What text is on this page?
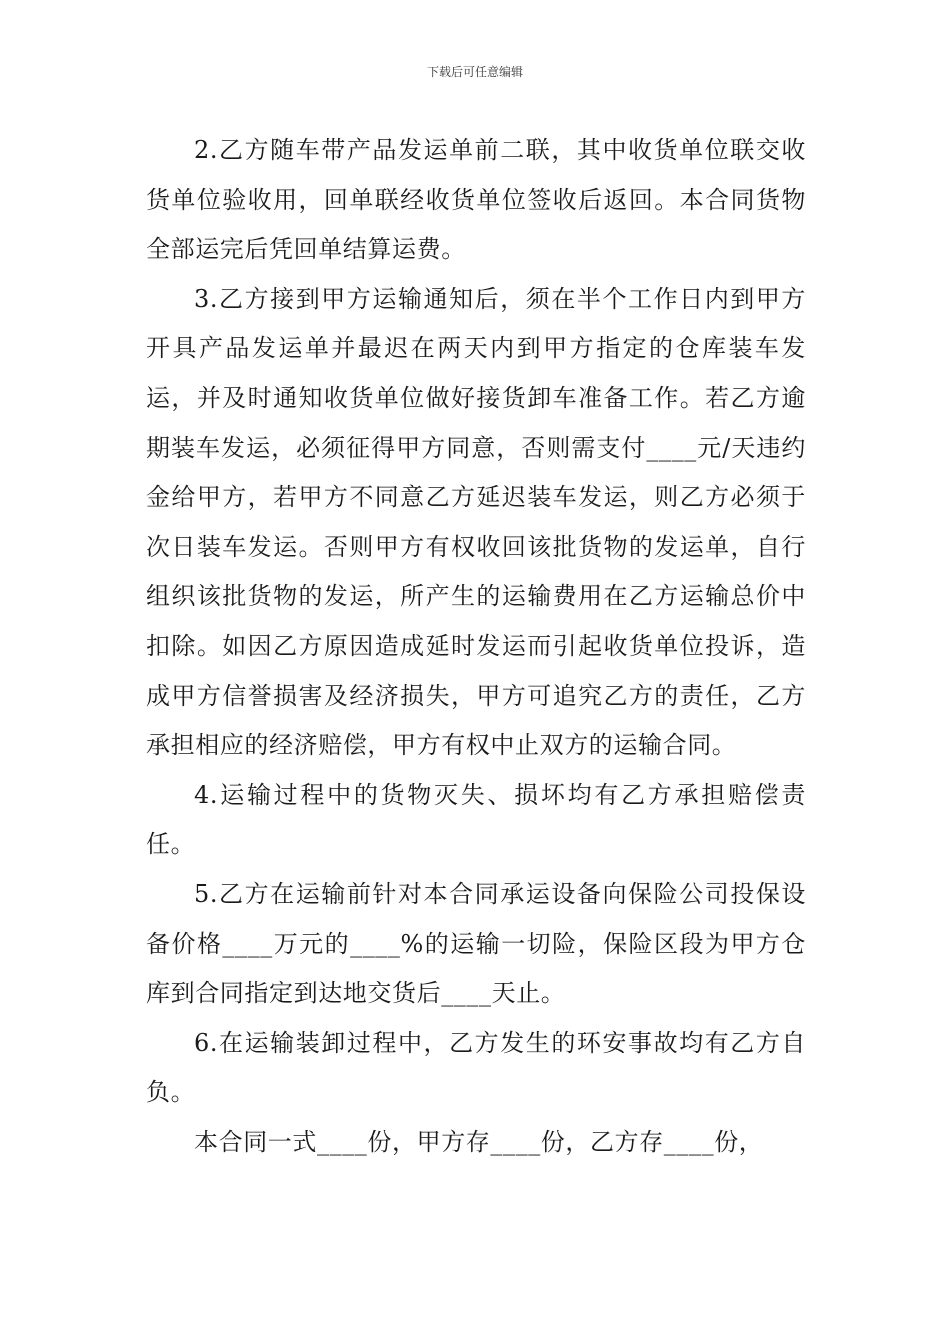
下载后可任意编辑

2.乙方随车带产品发运单前二联，其中收货单位联交收货单位验收用，回单联经收货单位签收后返回。本合同货物全部运完后凭回单结算运费。

3.乙方接到甲方运输通知后，须在半个工作日内到甲方开具产品发运单并最迟在两天内到甲方指定的仓库装车发运，并及时通知收货单位做好接货卸车准备工作。若乙方逾期装车发运，必须征得甲方同意，否则需支付____元/天违约金给甲方，若甲方不同意乙方延迟装车发运，则乙方必须于次日装车发运。否则甲方有权收回该批货物的发运单，自行组织该批货物的发运，所产生的运输费用在乙方运输总价中扣除。如因乙方原因造成延时发运而引起收货单位投诉，造成甲方信誉损害及经济损失，甲方可追究乙方的责任，乙方承担相应的经济赔偿，甲方有权中止双方的运输合同。

4.运输过程中的货物灭失、损坏均有乙方承担赔偿责任。

5.乙方在运输前针对本合同承运设备向保险公司投保设备价格____万元的____%的运输一切险，保险区段为甲方仓库到合同指定到达地交货后____天止。

6.在运输装卸过程中，乙方发生的环安事故均有乙方自负。

本合同一式____份，甲方存____份，乙方存____份，
